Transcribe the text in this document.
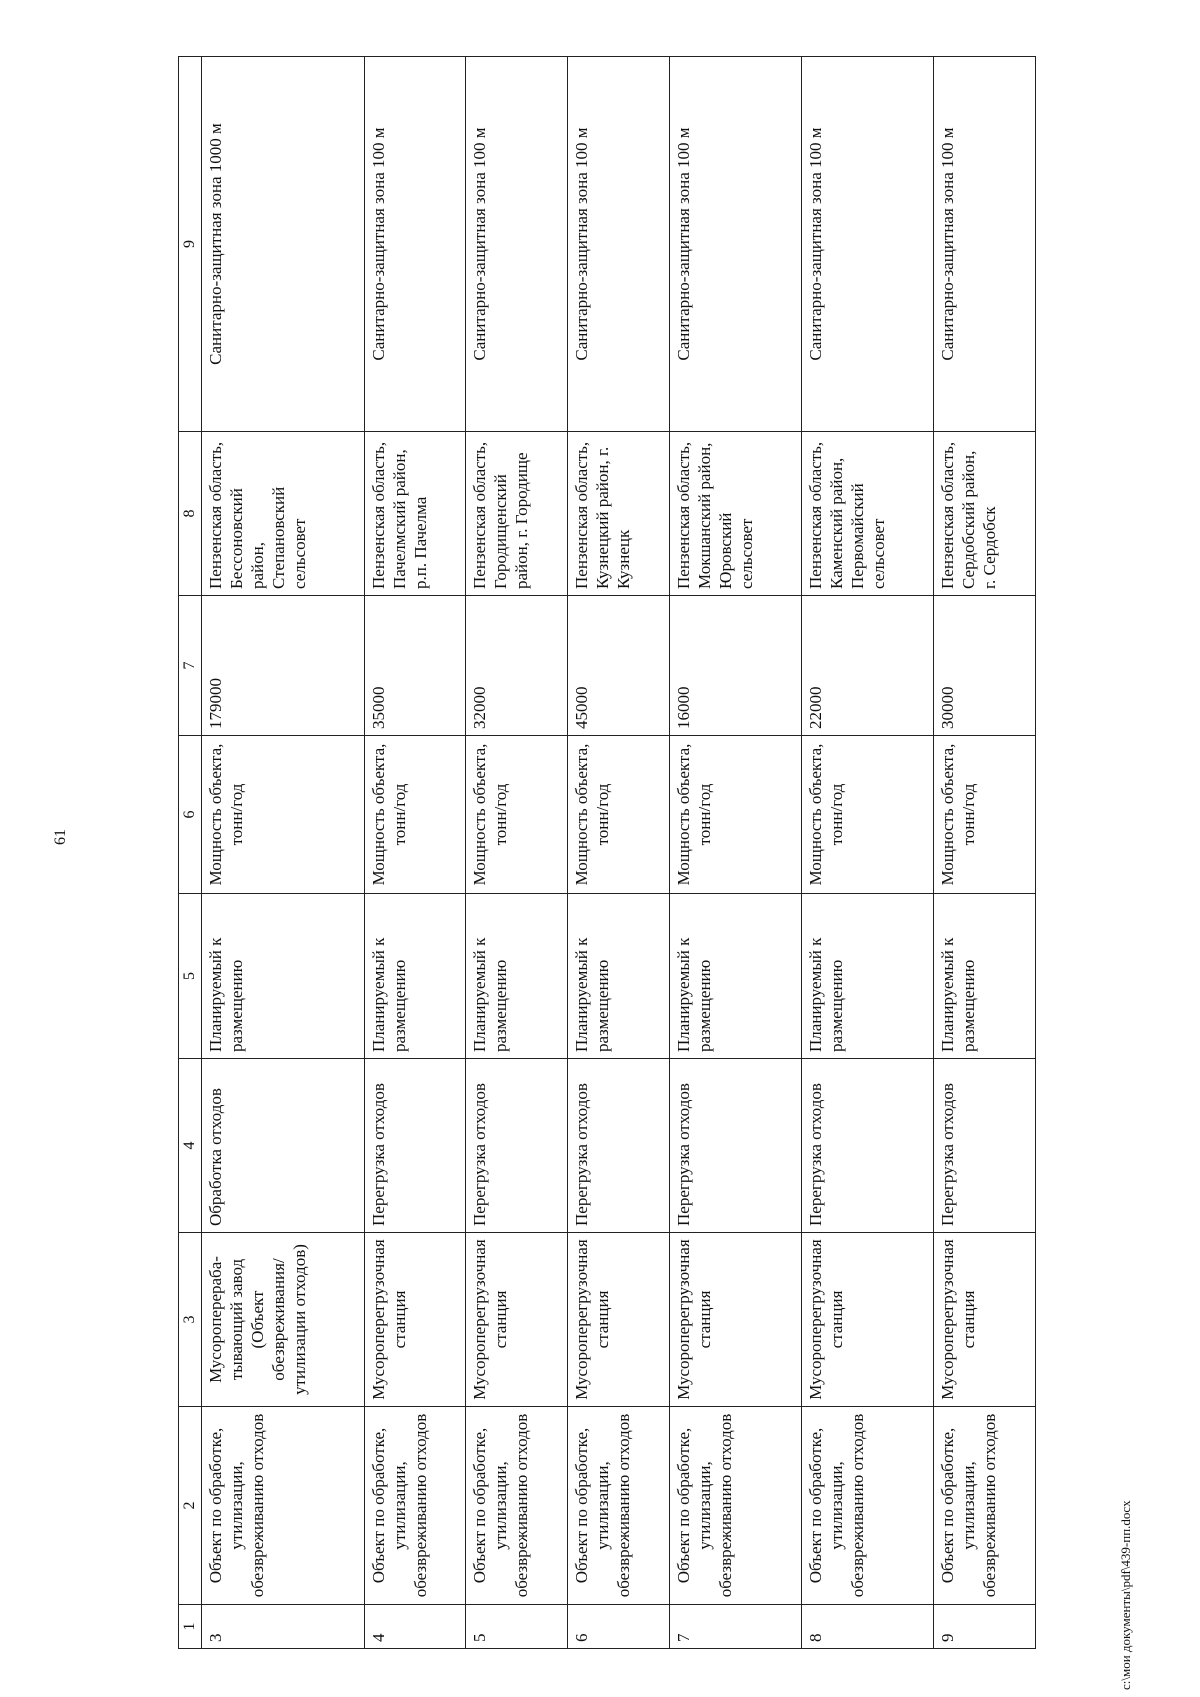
61
1	2	3	4	5	6	7	8	9
3	Объект по обработке, утилизации, обезвреживанию отходов	Мусороперераба-тывающий завод (Объект обезвреживания/ утилизации отходов)	Обработка отходов	Планируемый к размещению	Мощность объекта, тонн/год	179000	Пензенская область, Бессоновский район, Степановский сельсовет	Санитарно-защитная зона 1000 м
4	Объект по обработке, утилизации, обезвреживанию отходов	Мусороперегрузочная станция	Перегрузка отходов	Планируемый к размещению	Мощность объекта, тонн/год	35000	Пензенская область, Пачелмский район, р.п. Пачелма	Санитарно-защитная зона 100 м
5	Объект по обработке, утилизации, обезвреживанию отходов	Мусороперегрузочная станция	Перегрузка отходов	Планируемый к размещению	Мощность объекта, тонн/год	32000	Пензенская область, Городищенский район, г. Городище	Санитарно-защитная зона 100 м
6	Объект по обработке, утилизации, обезвреживанию отходов	Мусороперегрузочная станция	Перегрузка отходов	Планируемый к размещению	Мощность объекта, тонн/год	45000	Пензенская область, Кузнецкий район, г. Кузнецк	Санитарно-защитная зона 100 м
7	Объект по обработке, утилизации, обезвреживанию отходов	Мусороперегрузочная станция	Перегрузка отходов	Планируемый к размещению	Мощность объекта, тонн/год	16000	Пензенская область, Мокшанский район, Юровский сельсовет	Санитарно-защитная зона 100 м
8	Объект по обработке, утилизации, обезвреживанию отходов	Мусороперегрузочная станция	Перегрузка отходов	Планируемый к размещению	Мощность объекта, тонн/год	22000	Пензенская область, Каменский район, Первомайский сельсовет	Санитарно-защитная зона 100 м
9	Объект по обработке, утилизации, обезвреживанию отходов	Мусороперегрузочная станция	Перегрузка отходов	Планируемый к размещению	Мощность объекта, тонн/год	30000	Пензенская область, Сердобский район, г. Сердобск	Санитарно-защитная зона 100 м
c:\мои документы\pdf\439-пп.docx
